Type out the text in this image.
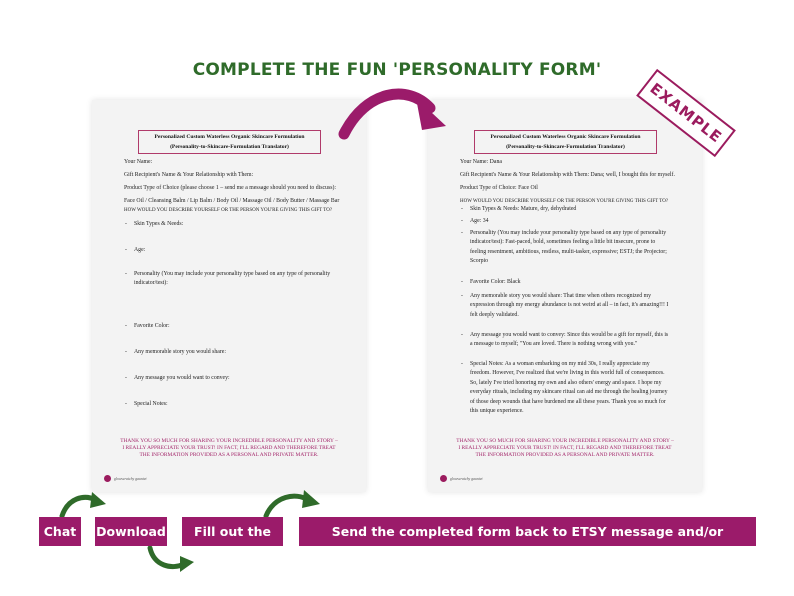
COMPLETE THE FUN 'PERSONALITY FORM'
Personalized Custom Waterless Organic Skincare Formulation
(Personality-to-Skincare-Formulation Translator)
Your Name:
Gift Recipient's Name & Your Relationship with Them:
Product Type of Choice (please choose 1 – send me a message should you need to discuss):
Face Oil / Cleansing Balm / Lip Balm / Body Oil / Massage Oil / Body Butter / Massage Bar
HOW WOULD YOU DESCRIBE YOURSELF OR THE PERSON YOU'RE GIVING THIS GIFT TO?
- Skin Types & Needs:
- Age:
- Personality (You may include your personality type based on any type of personality
indicator/test):
- Favorite Color:
- Any memorable story you would share:
- Any message you would want to convey:
- Special Notes:
THANK YOU SO MUCH FOR SHARING YOUR INCREDIBLE PERSONALITY AND STORY –
I REALLY APPRECIATE YOUR TRUST! IN FACT, I'LL REGARD AND THEREFORE TREAT
THE INFORMATION PROVIDED AS A PERSONAL AND PRIVATE MATTER.
glowscratchy gauntet
Personalized Custom Waterless Organic Skincare Formulation
(Personality-to-Skincare-Formulation Translator)
Your Name: Dana
Gift Recipient's Name & Your Relationship with Them: Dana; well, I bought this for myself.
Product Type of Choice: Face Oil
HOW WOULD YOU DESCRIBE YOURSELF OR THE PERSON YOU'RE GIVING THIS GIFT TO?
- Skin Types & Needs: Mature, dry, dehydrated
- Age: 34
- Personality (You may include your personality type based on any type of personality
indicator/test): Fast-paced, bold, sometimes feeling a little bit insecure, prone to
feeling resentment, ambitious, restless, multi-tasker, expressive; ESTJ; the Projector;
Scorpio
- Favorite Color: Black
- Any memorable story you would share: That time when others recognized my
expression through my energy abundance is not weird at all – in fact, it's amazing!!! I
felt deeply validated.
- Any message you would want to convey: Since this would be a gift for myself, this is
a message to myself; "You are loved. There is nothing wrong with you."
- Special Notes: As a woman embarking on my mid 30s, I really appreciate my
freedom. However, I've realized that we're living in this world full of consequences.
So, lately I've tried honoring my own and also others' energy and space. I hope my
everyday rituals, including my skincare ritual can aid me through the healing journey
of those deep wounds that have burdened me all these years. Thank you so much for
this unique experience.
THANK YOU SO MUCH FOR SHARING YOUR INCREDIBLE PERSONALITY AND STORY –
I REALLY APPRECIATE YOUR TRUST! IN FACT, I'LL REGARD AND THEREFORE TREAT
THE INFORMATION PROVIDED AS A PERSONAL AND PRIVATE MATTER.
glowscratchy gauntet
EXAMPLE
Chat	Download	Fill out the form
Send the completed form back to ETSY message and/or nolosac17@gmail.com
